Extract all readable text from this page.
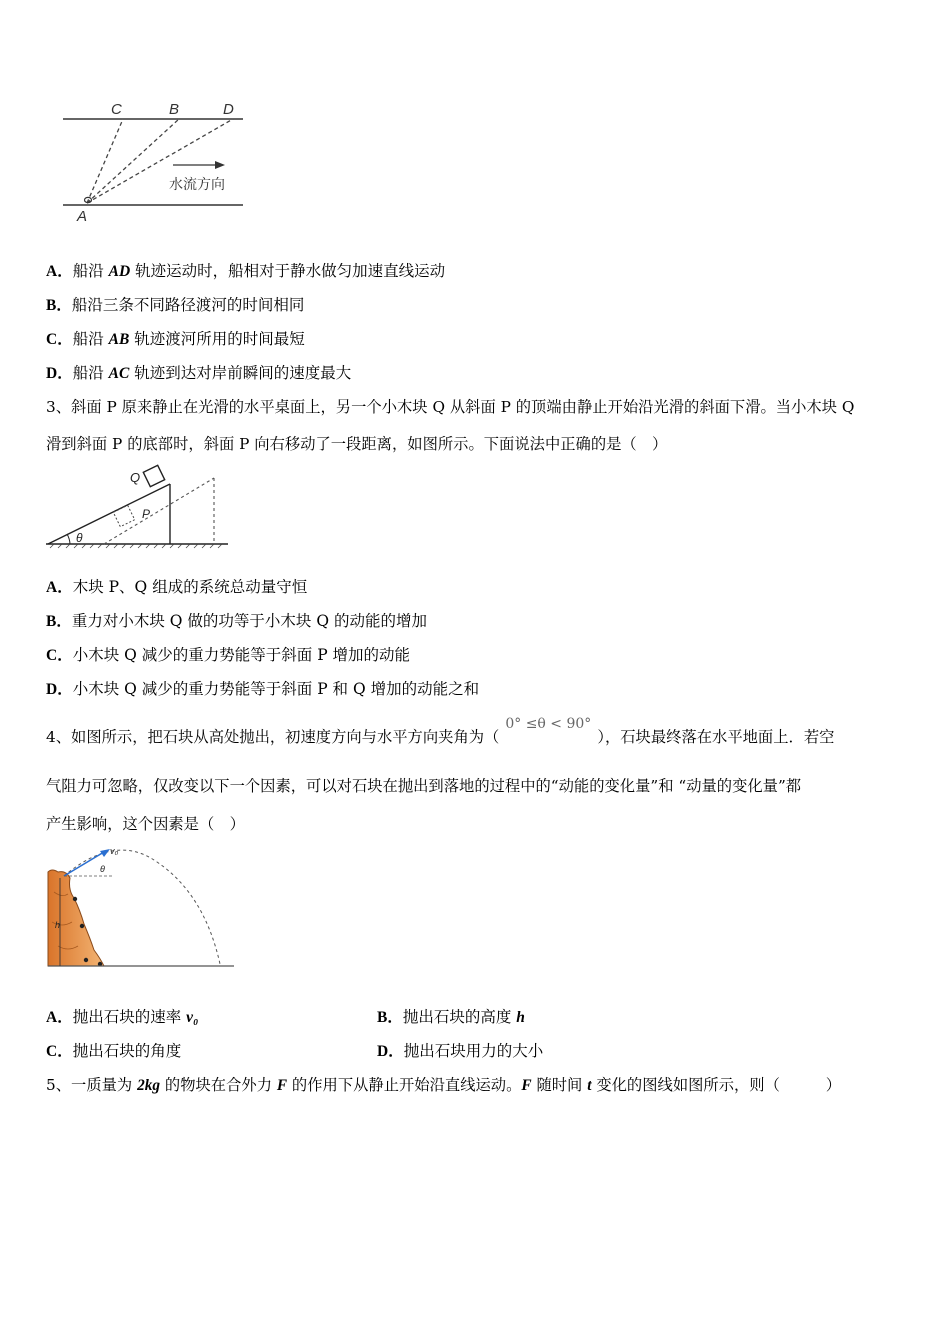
C	B	D
A
水流方向
A．船沿 AD 轨迹运动时，船相对于静水做匀加速直线运动
B．船沿三条不同路径渡河的时间相同
C．船沿 AB 轨迹渡河所用的时间最短
D．船沿 AC 轨迹到达对岸前瞬间的速度最大
3、斜面 P 原来静止在光滑的水平桌面上，另一个小木块 Q 从斜面 P 的顶端由静止开始沿光滑的斜面下滑。当小木块 Q
滑到斜面 P 的底部时，斜面 P 向右移动了一段距离，如图所示。下面说法中正确的是（　）
Q
P
θ
A．木块 P、Q 组成的系统总动量守恒
B．重力对小木块 Q 做的功等于小木块 Q 的动能的增加
C．小木块 Q 减少的重力势能等于斜面 P 增加的动能
D．小木块 Q 减少的重力势能等于斜面 P 和 Q 增加的动能之和
4、如图所示，把石块从高处抛出，初速度方向与水平方向夹角为（0° ≤θ < 90°），石块最终落在水平地面上．若空
气阻力可忽略，仅改变以下一个因素，可以对石块在抛出到落地的过程中的“动能的变化量”和 “动量的变化量”都
产生影响，这个因素是（　）
h
v₀
θ
A．抛出石块的速率 v₀	B．抛出石块的高度 h
C．抛出石块的角度	D．抛出石块用力的大小
5、一质量为 2kg 的物块在合外力 F 的作用下从静止开始沿直线运动。F 随时间 t 变化的图线如图所示，则（　　　）
